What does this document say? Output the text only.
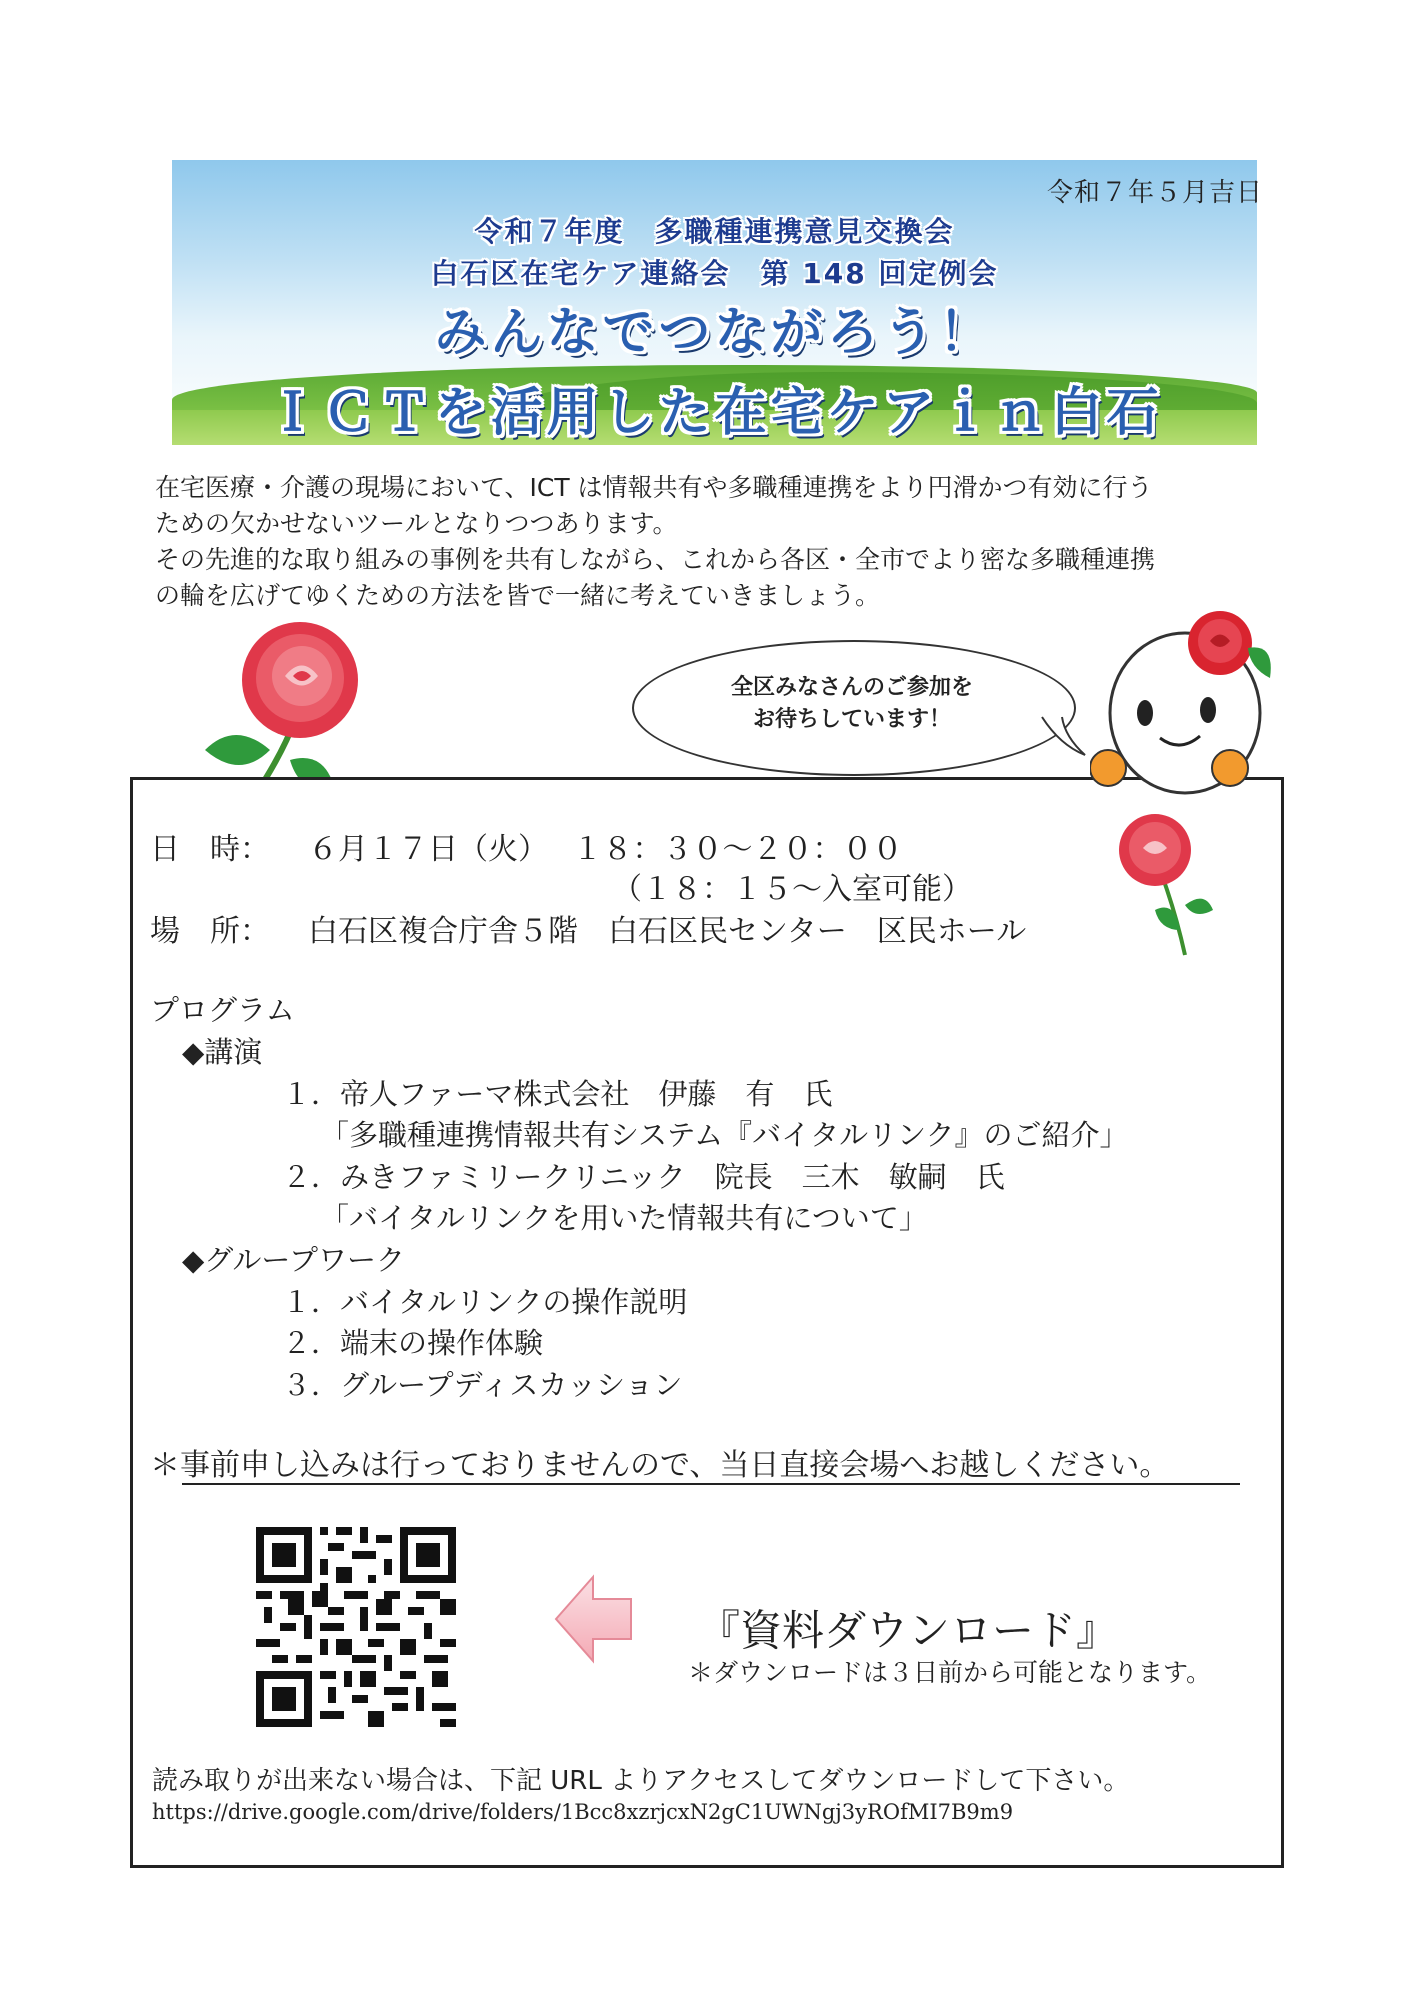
令和７年５月吉日
令和７年度　多職種連携意見交換会
白石区在宅ケア連絡会　第 148 回定例会
みんなでつながろう！
ＩＣＴを活用した在宅ケアｉｎ白石

在宅医療・介護の現場において、ICT は情報共有や多職種連携をより円滑かつ有効に行う

ための欠かせないツールとなりつつあります。

その先進的な取り組みの事例を共有しながら、これから各区・全市でより密な多職種連携

の輪を広げてゆくための方法を皆で一緒に考えていきましょう。

全区みなさんのご参加を
お待ちしています！
日　時： ６月１７日（火）　 １８：３０～２０：００
（１８：１５～入室可能）
場　所： 白石区複合庁舎５階　白石区民センター　区民ホール
プログラム
◆講演
１．帝人ファーマ株式会社　伊藤　有　氏
「多職種連携情報共有システム『バイタルリンク』のご紹介」
２．みきファミリークリニック　院長　三木　敏嗣　氏
「バイタルリンクを用いた情報共有について」
◆グループワーク
１．バイタルリンクの操作説明
２．端末の操作体験
３．グループディスカッション
＊事前申し込みは行っておりませんので、当日直接会場へお越しください。
『資料ダウンロード』
＊ダウンロードは３日前から可能となります。
読み取りが出来ない場合は、下記 URL よりアクセスしてダウンロードして下さい。
https://drive.google.com/drive/folders/1Bcc8xzrjcxN2gC1UWNgj3yROfMI7B9m9
